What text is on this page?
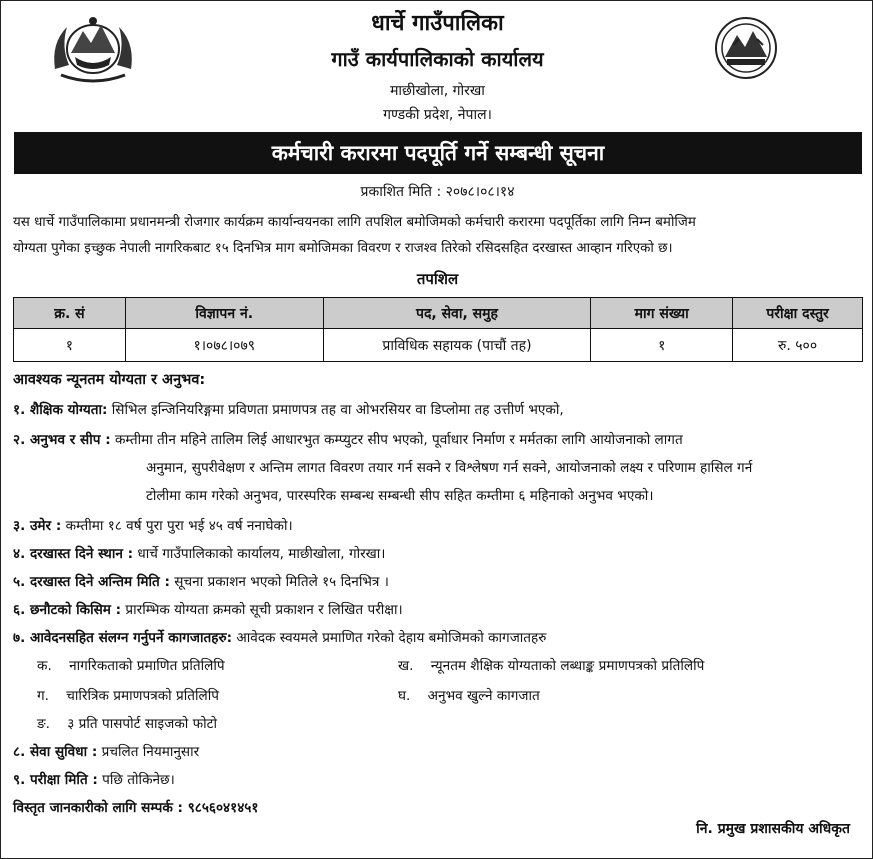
धार्चे गाउँपालिका
गाउँ कार्यपालिकाको कार्यालय
माछीखोला, गोरखा
गण्डकी प्रदेश, नेपाल।
कर्मचारी करारमा पदपूर्ति गर्ने सम्बन्धी सूचना
प्रकाशित मिति : २०७८।०८।१४
यस धार्चे गाउँपालिकामा प्रधानमन्त्री रोजगार कार्यक्रम कार्यान्वयनका लागि तपशिल बमोजिमको कर्मचारी करारमा पदपूर्तिका लागि निम्न बमोजिम
योग्यता पुगेका इच्छुक नेपाली नागरिकबाट १५ दिनभित्र माग बमोजिमका विवरण र राजश्व तिरेको रसिदसहित दरखास्त आव्हान गरिएको छ।
तपशिल
क्र. सं	विज्ञापन नं.	पद, सेवा, समुह	माग संख्या	परीक्षा दस्तुर
१	१।०७८।०७९	प्राविधिक सहायक (पाचौं तह)	१	रु. ५००
आवश्यक न्यूनतम योग्यता र अनुभव:
१. शैक्षिक योग्यता: सिभिल इन्जिनियरिङ्गमा प्रविणता प्रमाणपत्र तह वा ओभरसियर वा डिप्लोमा तह उत्तीर्ण भएको,
२. अनुभव र सीप : कम्तीमा तीन महिने तालिम लिई आधारभुत कम्प्युटर सीप भएको, पूर्वाधार निर्माण र मर्मतका लागि आयोजनाको लागत
अनुमान, सुपरीवेक्षण र अन्तिम लागत विवरण तयार गर्न सक्ने र विश्लेषण गर्न सक्ने, आयोजनाको लक्ष्य र परिणाम हासिल गर्न
टोलीमा काम गरेको अनुभव, पारस्परिक सम्बन्ध सम्बन्धी सीप सहित कम्तीमा ६ महिनाको अनुभव भएको।
३. उमेर : कम्तीमा १८ वर्ष पुरा पुरा भई ४५ वर्ष ननाघेको।
४. दरखास्त दिने स्थान : धार्चे गाउँपालिकाको कार्यालय, माछीखोला, गोरखा।
५. दरखास्त दिने अन्तिम मिति : सूचना प्रकाशन भएको मितिले १५ दिनभित्र ।
६. छनौटको किसिम : प्रारम्भिक योग्यता क्रमको सूची प्रकाशन र लिखित परीक्षा।
७. आवेदनसहित संलग्न गर्नुपर्ने कागजातहरु: आवेदक स्वयमले प्रमाणित गरेको देहाय बमोजिमको कागजातहरु
क. नागरिकताको प्रमाणित प्रतिलिपि	ख. न्यूनतम शैक्षिक योग्यताको लब्धाङ्क प्रमाणपत्रको प्रतिलिपि
ग. चारित्रिक प्रमाणपत्रको प्रतिलिपि	घ. अनुभव खुल्ने कागजात
ङ. ३ प्रति पासपोर्ट साइजको फोटो
८. सेवा सुविधा : प्रचलित नियमानुसार
९. परीक्षा मिति : पछि तोकिनेछ।
विस्तृत जानकारीको लागि सम्पर्क : ९८५६०४१४५१
नि. प्रमुख प्रशासकीय अधिकृत
